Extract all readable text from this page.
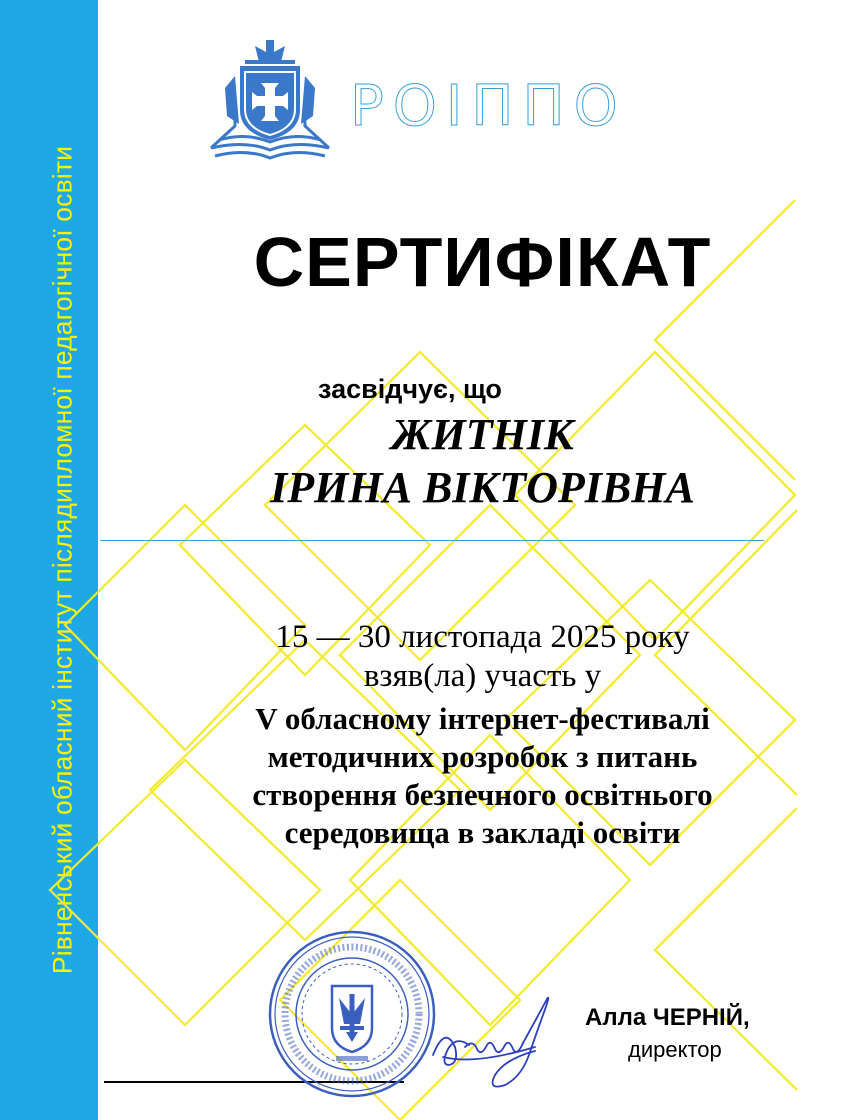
Рівненський обласний інститут післядипломної педагогічної освіти
РОІППО
СЕРТИФІКАТ
засвідчує, що
ЖИТНІК
ІРИНА ВІКТОРІВНА
15 — 30 листопада 2025 року
взяв(ла) участь у
V обласному інтернет-фестивалі
методичних розробок з питань
створення безпечного освітнього
середовища в закладі освіти
Алла ЧЕРНІЙ,
директор
